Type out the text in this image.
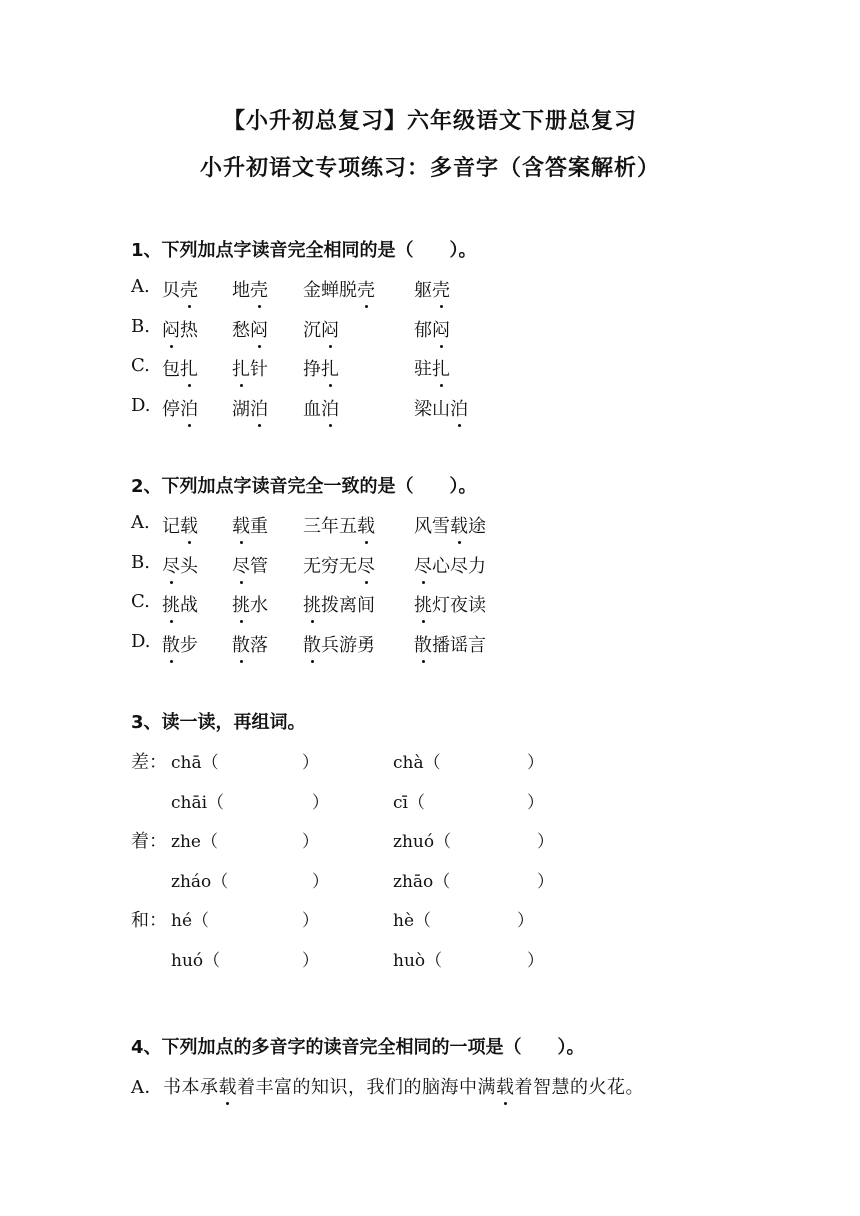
【小升初总复习】六年级语文下册总复习
小升初语文专项练习：多音字（含答案解析）
1、下列加点字读音完全相同的是（　　）。
A. 贝壳 地壳 金蝉脱壳 躯壳
B. 闷热 愁闷 沉闷	郁闷
C. 包扎 扎针 挣扎	驻扎
D. 停泊 湖泊 血泊	梁山泊
2、下列加点字读音完全一致的是（　　）。
A. 记载 载重 三年五载 风雪载途
B. 尽头 尽管 无穷无尽 尽心尽力
C. 挑战 挑水 挑拨离间 挑灯夜读
D. 散步 散落 散兵游勇 散播谣言
3、读一读，再组词。
差： chā（	）	chà（	）
chāi（	）	cī（	）
着： zhe（	）	zhuó（	）
zháo（	）	zhāo（	）
和： hé（	）	hè（	）
huó（	）	huò（	）
4、下列加点的多音字的读音完全相同的一项是（　　）。
A．书本承载着丰富的知识，我们的脑海中满载着智慧的火花。
